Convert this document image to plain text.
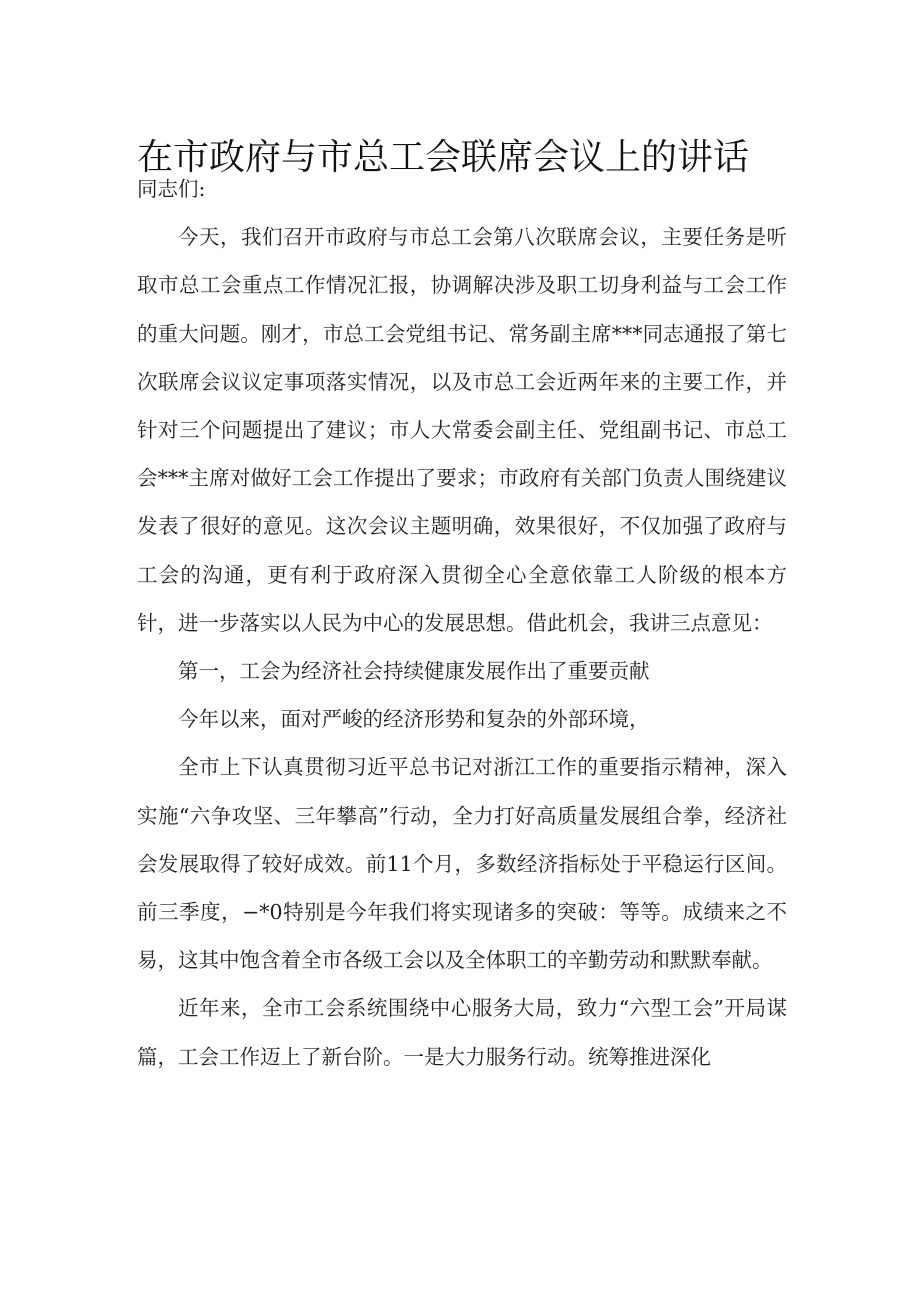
在市政府与市总工会联席会议上的讲话

同志们:

今天，我们召开市政府与市总工会第八次联席会议，主要任务是听取市总工会重点工作情况汇报，协调解决涉及职工切身利益与工会工作的重大问题。刚才，市总工会党组书记、常务副主席***同志通报了第七次联席会议议定事项落实情况，以及市总工会近两年来的主要工作，并针对三个问题提出了建议；市人大常委会副主任、党组副书记、市总工会***主席对做好工会工作提出了要求；市政府有关部门负责人围绕建议发表了很好的意见。这次会议主题明确，效果很好，不仅加强了政府与工会的沟通，更有利于政府深入贯彻全心全意依靠工人阶级的根本方针，进一步落实以人民为中心的发展思想。借此机会，我讲三点意见：

第一，工会为经济社会持续健康发展作出了重要贡献

今年以来，面对严峻的经济形势和复杂的外部环境，

全市上下认真贯彻习近平总书记对浙江工作的重要指示精神，深入实施“六争攻坚、三年攀高”行动，全力打好高质量发展组合拳，经济社会发展取得了较好成效。前11个月，多数经济指标处于平稳运行区间。前三季度，−*0特别是今年我们将实现诸多的突破：等等。成绩来之不易，这其中饱含着全市各级工会以及全体职工的辛勤劳动和默默奉献。

近年来，全市工会系统围绕中心服务大局，致力“六型工会”开局谋篇，工会工作迈上了新台阶。一是大力服务行动。统筹推进深化
